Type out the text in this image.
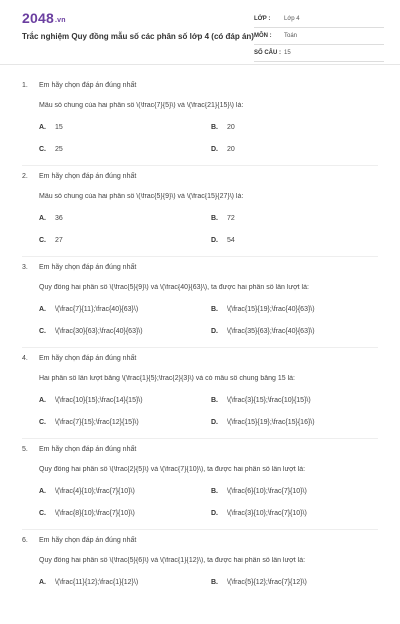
2048.vn
Trắc nghiệm Quy đồng mẫu số các phân số lớp 4 (có đáp án)
LỚP : Lớp 4
MÔN : Toán
SỐ CÂU : 15
1. Em hãy chọn đáp án đúng nhất
Mẫu số chung của hai phân số \(\frac{7}{5}\) và \(\frac{21}{15}\) là:
A. 15	B. 20
C. 25	D. 20
2. Em hãy chọn đáp án đúng nhất
Mẫu số chung của hai phân số \(\frac{5}{9}\) và \(\frac{15}{27}\) là:
A. 36	B. 72
C. 27	D. 54
3. Em hãy chọn đáp án đúng nhất
Quy đồng hai phân số \(\frac{5}{9}\) và \(\frac{40}{63}\), ta được hai phân số lần lượt là:
A. \(\frac{7}{11};\frac{40}{63}\)	B. \(\frac{15}{19};\frac{40}{63}\)
C. \(\frac{30}{63};\frac{40}{63}\)	D. \(\frac{35}{63};\frac{40}{63}\)
4. Em hãy chọn đáp án đúng nhất
Hai phân số lần lượt bằng \(\frac{1}{5};\frac{2}{3}\) và có mẫu số chung bằng 15 là:
A. \(\frac{10}{15};\frac{14}{15}\)	B. \(\frac{3}{15};\frac{10}{15}\)
C. \(\frac{7}{15};\frac{12}{15}\)	D. \(\frac{15}{19};\frac{15}{16}\)
5. Em hãy chọn đáp án đúng nhất
Quy đồng hai phân số \(\frac{2}{5}\) và \(\frac{7}{10}\), ta được hai phân số lần lượt là:
A. \(\frac{4}{10};\frac{7}{10}\)	B. \(\frac{6}{10};\frac{7}{10}\)
C. \(\frac{8}{10};\frac{7}{10}\)	D. \(\frac{3}{10};\frac{7}{10}\)
6. Em hãy chọn đáp án đúng nhất
Quy đồng hai phân số \(\frac{5}{6}\) và \(\frac{1}{12}\), ta được hai phân số lần lượt là:
A. \(\frac{11}{12};\frac{1}{12}\)	B. \(\frac{5}{12};\frac{7}{12}\)
